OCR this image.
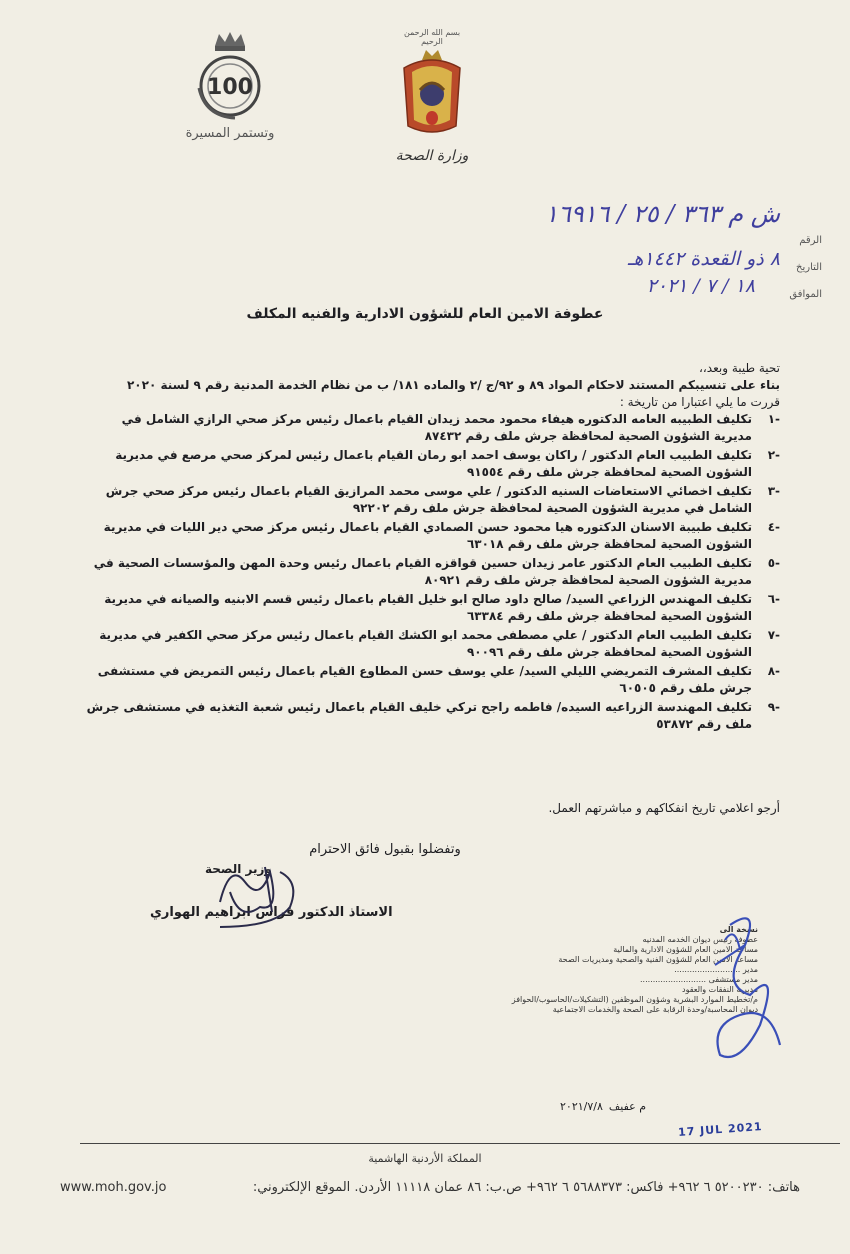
100
وتستمر المسيرة
بسم الله الرحمن الرحيم
وزارة الصحة
الرقم
التاريخ
الموافق
ش م ٣٦٣ / ٢٥ / ١٦٩١٦
٨ ذو القعدة ١٤٤٢هـ
١٨ / ٧ / ٢٠٢١
عطوفة الامين العام للشؤون الادارية والفنيه المكلف
تحية طيبة وبعد،،
بناء على تنسيبكم المستند لاحكام المواد ٨٩ و ٩٢/ج /٢ والماده ١٨١/ ب من نظام الخدمة المدنية رقم ٩ لسنة ٢٠٢٠
قررت ما يلي اعتبارا من تاريخة :
-١
تكليف الطبيبه العامه الدكتوره هيفاء محمود محمد زيدان القيام باعمال رئيس مركز صحي الرازي الشامل في مديرية الشؤون الصحية لمحافظة جرش ملف رقم ٨٧٤٣٢
-٢
تكليف الطبيب العام الدكتور / راكان يوسف احمد ابو رمان القيام باعمال رئيس لمركز صحي مرصع في مديرية الشؤون الصحية لمحافظة جرش ملف رقم ٩١٥٥٤
-٣
تكليف اخصائي الاستعاضات السنيه الدكتور / علي موسى محمد المرازيق القيام باعمال رئيس مركز صحي جرش الشامل في مديرية الشؤون الصحية لمحافظة جرش ملف رقم ٩٢٢٠٢
-٤
تكليف طبيبة الاسنان الدكتوره هيا محمود حسن الصمادي القيام باعمال رئيس مركز صحي دير الليات في مديرية الشؤون الصحية لمحافظة جرش ملف رقم ٦٣٠١٨
-٥
تكليف الطبيب العام الدكتور عامر زيدان حسين قواقزه القيام باعمال رئيس وحدة المهن والمؤسسات الصحية في مديرية الشؤون الصحية لمحافظة جرش ملف رقم ٨٠٩٢١
-٦
تكليف المهندس الزراعي السيد/ صالح داود صالح ابو خليل القيام باعمال رئيس قسم الابنيه والصيانه في مديرية الشؤون الصحية لمحافظة جرش ملف رقم ٦٣٣٨٤
-٧
تكليف الطبيب العام الدكتور / علي مصطفى محمد ابو الكشك القيام باعمال رئيس مركز صحي الكفير في مديرية الشؤون الصحية لمحافظة جرش ملف رقم ٩٠٠٩٦
-٨
تكليف المشرف التمريضي الليلي السيد/ علي يوسف حسن المطاوع القيام باعمال رئيس التمريض في مستشفى جرش ملف رقم ٦٠٥٠٥
-٩
تكليف المهندسة الزراعيه السيده/ فاطمه راجح تركي خليف القيام باعمال رئيس شعبة التغذيه في مستشفى جرش ملف رقم ٥٣٨٧٢
أرجو اعلامي تاريخ انفكاكهم و مباشرتهم العمل.
وتفضلوا بقبول فائق الاحترام
وزير الصحة
الاستاذ الدكتور فراس ابراهيم الهواري
نسخة الى
عطوفة رئيس ديوان الخدمه المدنيه
مساعد الامين العام للشؤون الادارية والمالية
مساعد الامين العام للشؤون الفنية والصحية ومديريات الصحة
مدير ..........................
مدير مستشفى ..........................
مديرية النفقات والعقود
م/تخطيط الموارد البشرية وشؤون الموظفين (التشكيلات/الحاسوب/الحوافز
ديوان المحاسبة/وحدة الرقابة على الصحة والخدمات الاجتماعية
م عفيف
٢٠٢١/٧/٨
17 JUL 2021
المملكة الأردنية الهاشمية
هاتف: ٥٢٠٠٢٣٠ ٦ ٩٦٢+ فاكس: ٥٦٨٨٣٧٣ ٦ ٩٦٢+ ص.ب: ٨٦ عمان ١١١١٨ الأردن. الموقع الإلكتروني:
www.moh.gov.jo
